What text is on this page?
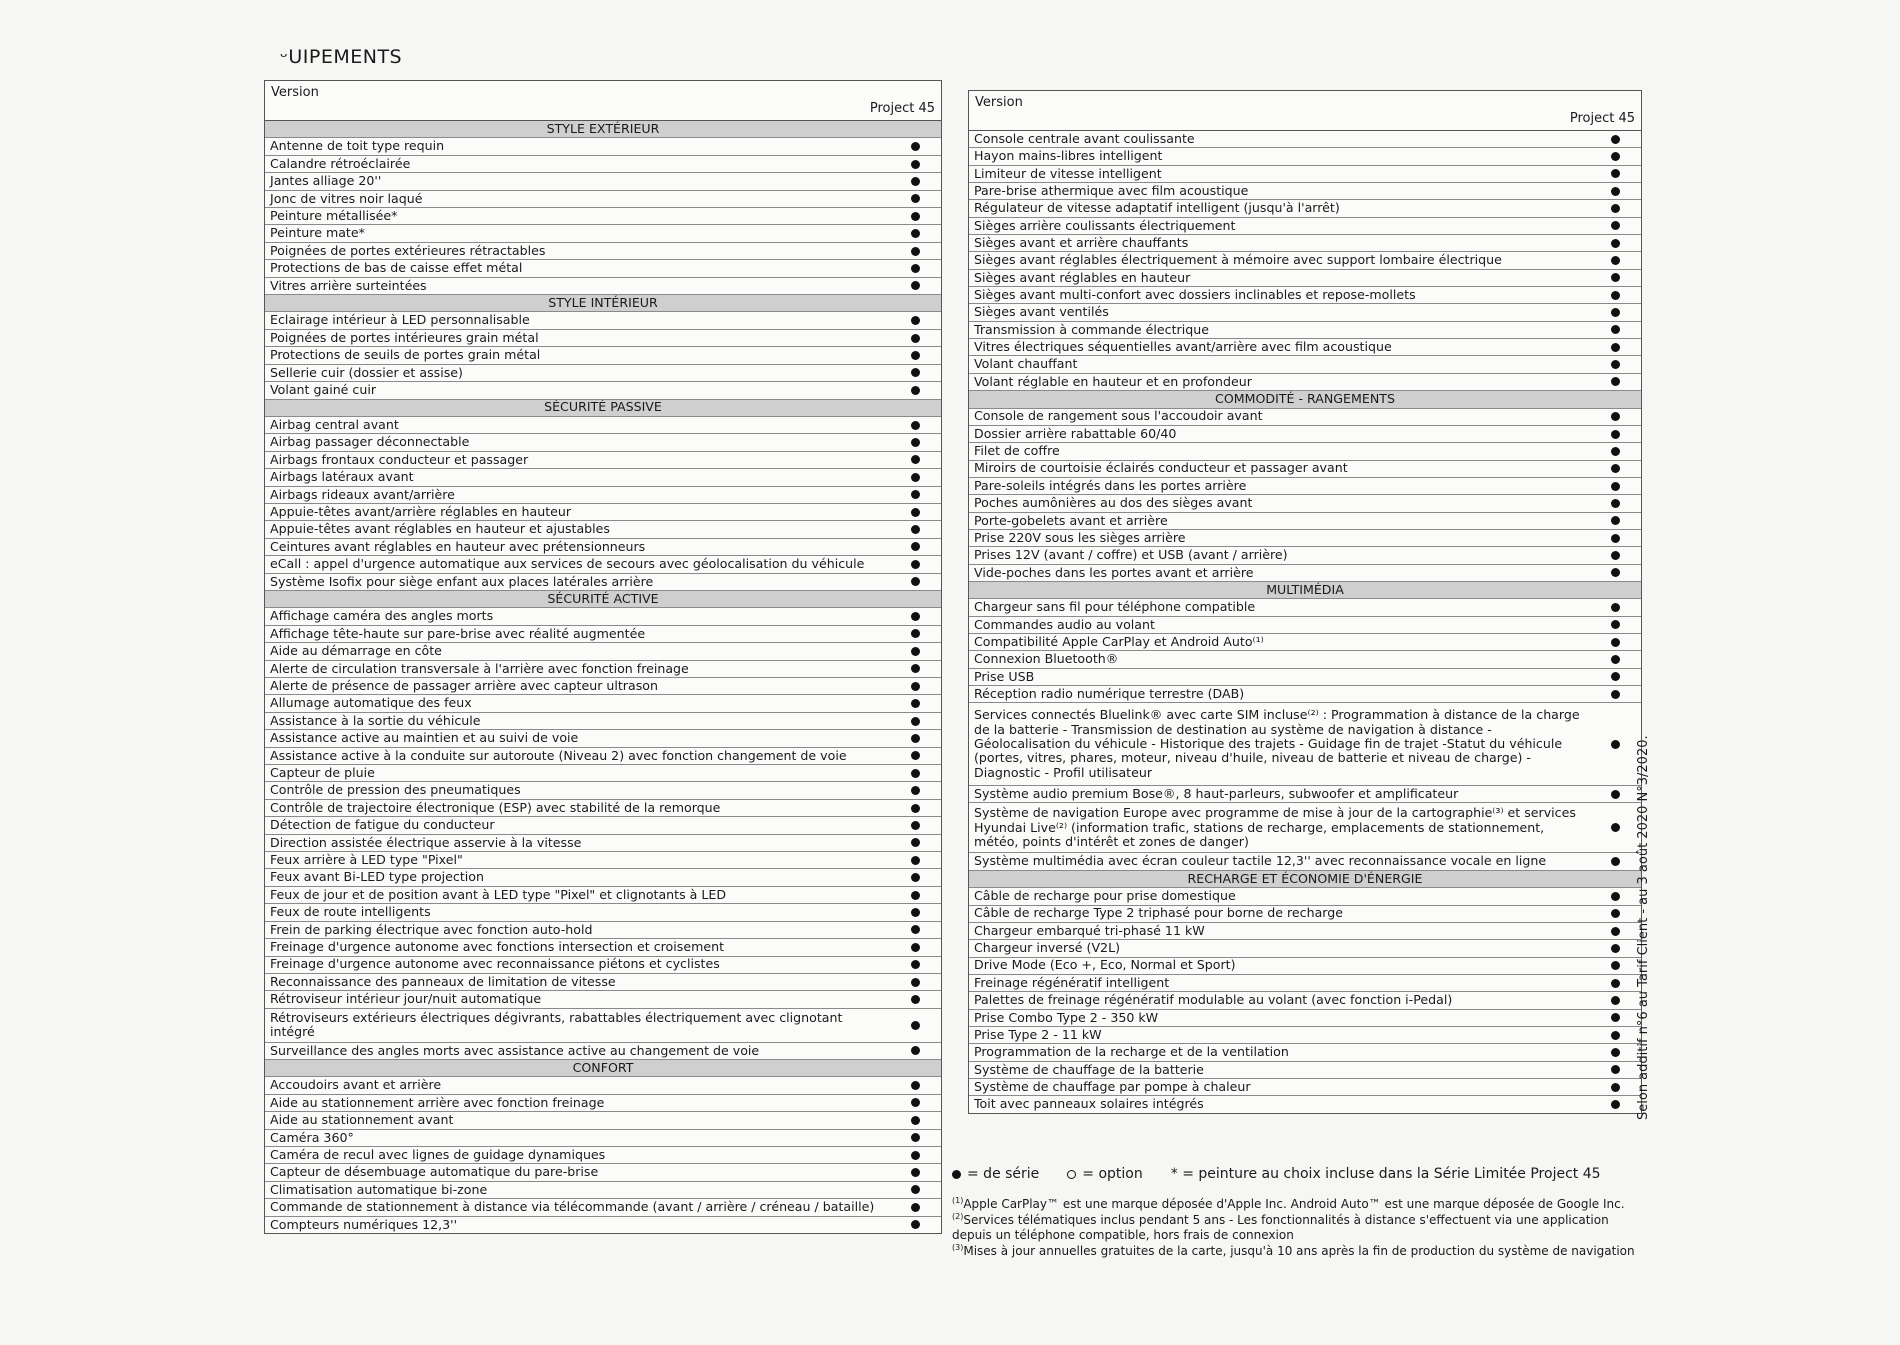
ᵕUIPEMENTS
Version
Project 45
STYLE EXTÉRIEUR
Antenne de toit type requin
Calandre rétroéclairée
Jantes alliage 20''
Jonc de vitres noir laqué
Peinture métallisée*
Peinture mate*
Poignées de portes extérieures rétractables
Protections de bas de caisse effet métal
Vitres arrière surteintées
STYLE INTÉRIEUR
Eclairage intérieur à LED personnalisable
Poignées de portes intérieures grain métal
Protections de seuils de portes grain métal
Sellerie cuir (dossier et assise)
Volant gainé cuir
SÉCURITÉ PASSIVE
Airbag central avant
Airbag passager déconnectable
Airbags frontaux conducteur et passager
Airbags latéraux avant
Airbags rideaux avant/arrière
Appuie-têtes avant/arrière réglables en hauteur
Appuie-têtes avant réglables en hauteur et ajustables
Ceintures avant réglables en hauteur avec prétensionneurs
eCall : appel d'urgence automatique aux services de secours avec géolocalisation du véhicule
Système Isofix pour siège enfant aux places latérales arrière
SÉCURITÉ ACTIVE
Affichage caméra des angles morts
Affichage tête-haute sur pare-brise avec réalité augmentée
Aide au démarrage en côte
Alerte de circulation transversale à l'arrière avec fonction freinage
Alerte de présence de passager arrière avec capteur ultrason
Allumage automatique des feux
Assistance à la sortie du véhicule
Assistance active au maintien et au suivi de voie
Assistance active à la conduite sur autoroute (Niveau 2) avec fonction changement de voie
Capteur de pluie
Contrôle de pression des pneumatiques
Contrôle de trajectoire électronique (ESP) avec stabilité de la remorque
Détection de fatigue du conducteur
Direction assistée électrique asservie à la vitesse
Feux arrière à LED type "Pixel"
Feux avant Bi-LED type projection
Feux de jour et de position avant à LED type "Pixel" et clignotants à LED
Feux de route intelligents
Frein de parking électrique avec fonction auto-hold
Freinage d'urgence autonome avec fonctions intersection et croisement
Freinage d'urgence autonome avec reconnaissance piétons et cyclistes
Reconnaissance des panneaux de limitation de vitesse
Rétroviseur intérieur jour/nuit automatique
Rétroviseurs extérieurs électriques dégivrants, rabattables électriquement avec clignotant intégré
Surveillance des angles morts avec assistance active au changement de voie
CONFORT
Accoudoirs avant et arrière
Aide au stationnement arrière avec fonction freinage
Aide au stationnement avant
Caméra 360°
Caméra de recul avec lignes de guidage dynamiques
Capteur de désembuage automatique du pare-brise
Climatisation automatique bi-zone
Commande de stationnement à distance via télécommande (avant / arrière / créneau / bataille)
Compteurs numériques 12,3''
Version
Project 45
Console centrale avant coulissante
Hayon mains-libres intelligent
Limiteur de vitesse intelligent
Pare-brise athermique avec film acoustique
Régulateur de vitesse adaptatif intelligent (jusqu'à l'arrêt)
Sièges arrière coulissants électriquement
Sièges avant et arrière chauffants
Sièges avant réglables électriquement à mémoire avec support lombaire électrique
Sièges avant réglables en hauteur
Sièges avant multi-confort avec dossiers inclinables et repose-mollets
Sièges avant ventilés
Transmission à commande électrique
Vitres électriques séquentielles avant/arrière avec film acoustique
Volant chauffant
Volant réglable en hauteur et en profondeur
COMMODITÉ - RANGEMENTS
Console de rangement sous l'accoudoir avant
Dossier arrière rabattable 60/40
Filet de coffre
Miroirs de courtoisie éclairés conducteur et passager avant
Pare-soleils intégrés dans les portes arrière
Poches aumônières au dos des sièges avant
Porte-gobelets avant et arrière
Prise 220V sous les sièges arrière
Prises 12V (avant / coffre) et USB (avant / arrière)
Vide-poches dans les portes avant et arrière
MULTIMÉDIA
Chargeur sans fil pour téléphone compatible
Commandes audio au volant
Compatibilité Apple CarPlay et Android Auto⁽¹⁾
Connexion Bluetooth®
Prise USB
Réception radio numérique terrestre (DAB)
Services connectés Bluelink® avec carte SIM incluse⁽²⁾ : Programmation à distance de la charge de la batterie - Transmission de destination au système de navigation à distance - Géolocalisation du véhicule - Historique des trajets - Guidage fin de trajet -Statut du véhicule (portes, vitres, phares, moteur, niveau d'huile, niveau de batterie et niveau de charge) - Diagnostic - Profil utilisateur
Système audio premium Bose®, 8 haut-parleurs, subwoofer et amplificateur
Système de navigation Europe avec programme de mise à jour de la cartographie⁽³⁾ et services Hyundai Live⁽²⁾ (information trafic, stations de recharge, emplacements de stationnement, météo, points d'intérêt et zones de danger)
Système multimédia avec écran couleur tactile 12,3'' avec reconnaissance vocale en ligne
RECHARGE ET ÉCONOMIE D'ÉNERGIE
Câble de recharge pour prise domestique
Câble de recharge Type 2 triphasé pour borne de recharge
Chargeur embarqué tri-phasé 11 kW
Chargeur inversé (V2L)
Drive Mode (Eco +, Eco, Normal et Sport)
Freinage régénératif intelligent
Palettes de freinage régénératif modulable au volant (avec fonction i-Pedal)
Prise Combo Type 2 - 350 kW
Prise Type 2 - 11 kW
Programmation de la recharge et de la ventilation
Système de chauffage de la batterie
Système de chauffage par pompe à chaleur
Toit avec panneaux solaires intégrés
= de série	= option * = peinture au choix incluse dans la Série Limitée Project 45
$^{(1)}$Apple CarPlay™ est une marque déposée d'Apple Inc. Android Auto™ est une marque déposée de Google Inc.
$^{(2)}$Services télématiques inclus pendant 5 ans - Les fonctionnalités à distance s'effectuent via une application depuis un téléphone compatible, hors frais de connexion
$^{(3)}$Mises à jour annuelles gratuites de la carte, jusqu'à 10 ans après la fin de production du système de navigation
Selon additif n°6 au Tarif Client - au 3 août 2020 N°3/2020.
